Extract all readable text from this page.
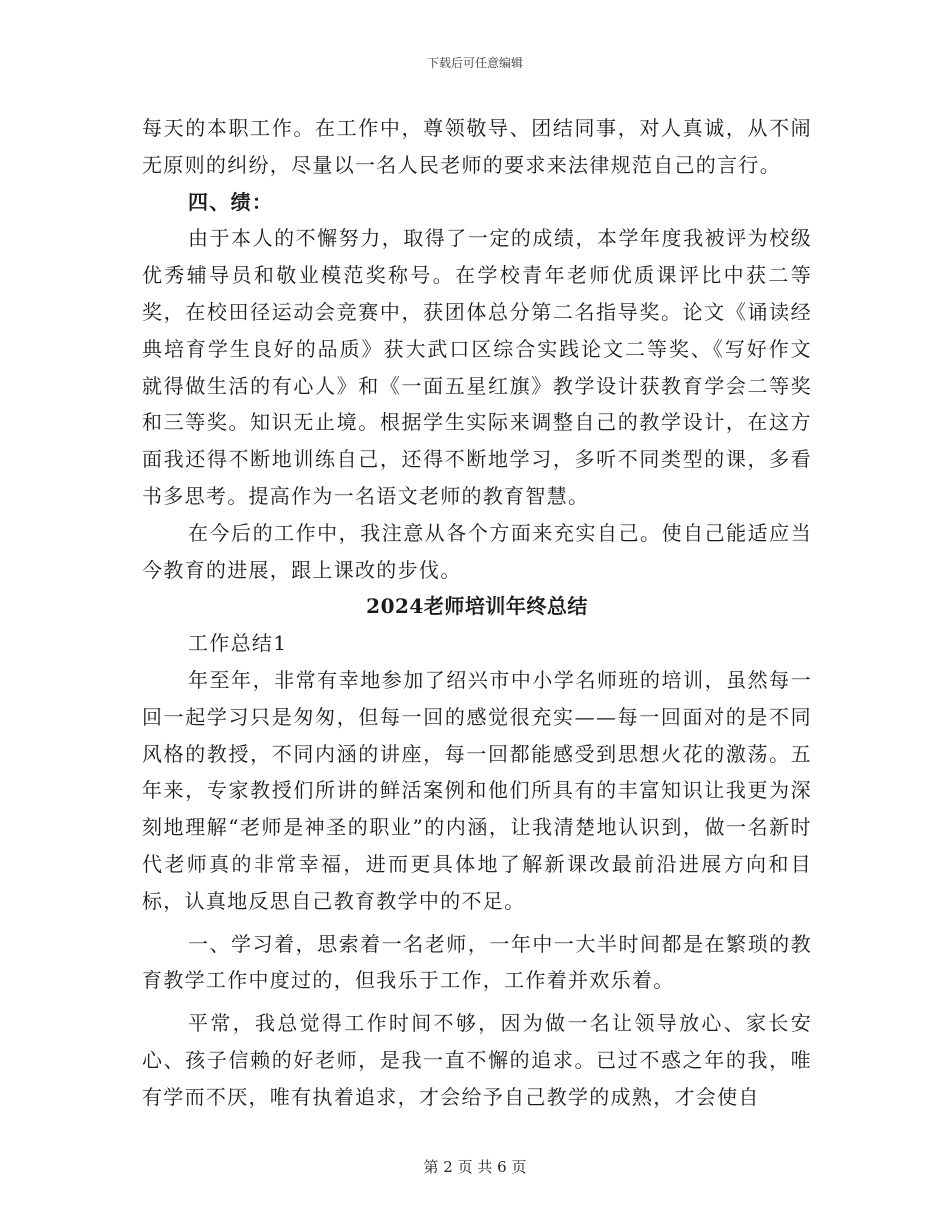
下载后可任意编辑

每天的本职工作。在工作中，尊领敬导、团结同事，对人真诚，从不闹无原则的纠纷，尽量以一名人民老师的要求来法律规范自己的言行。

四、绩：

由于本人的不懈努力，取得了一定的成绩，本学年度我被评为校级优秀辅导员和敬业模范奖称号。在学校青年老师优质课评比中获二等奖，在校田径运动会竞赛中，获团体总分第二名指导奖。论文《诵读经典培育学生良好的品质》获大武口区综合实践论文二等奖、《写好作文就得做生活的有心人》和《一面五星红旗》教学设计获教育学会二等奖和三等奖。知识无止境。根据学生实际来调整自己的教学设计，在这方面我还得不断地训练自己，还得不断地学习，多听不同类型的课，多看书多思考。提高作为一名语文老师的教育智慧。

在今后的工作中，我注意从各个方面来充实自己。使自己能适应当今教育的进展，跟上课改的步伐。

2024老师培训年终总结

工作总结1

年至年，非常有幸地参加了绍兴市中小学名师班的培训，虽然每一回一起学习只是匆匆，但每一回的感觉很充实——每一回面对的是不同风格的教授，不同内涵的讲座，每一回都能感受到思想火花的激荡。五年来，专家教授们所讲的鲜活案例和他们所具有的丰富知识让我更为深刻地理解“老师是神圣的职业”的内涵，让我清楚地认识到，做一名新时代老师真的非常幸福，进而更具体地了解新课改最前沿进展方向和目标，认真地反思自己教育教学中的不足。

一、学习着，思索着一名老师，一年中一大半时间都是在繁琐的教育教学工作中度过的，但我乐于工作，工作着并欢乐着。

平常，我总觉得工作时间不够，因为做一名让领导放心、家长安心、孩子信赖的好老师，是我一直不懈的追求。已过不惑之年的我，唯有学而不厌，唯有执着追求，才会给予自己教学的成熟，才会使自

第 2 页 共 6 页
